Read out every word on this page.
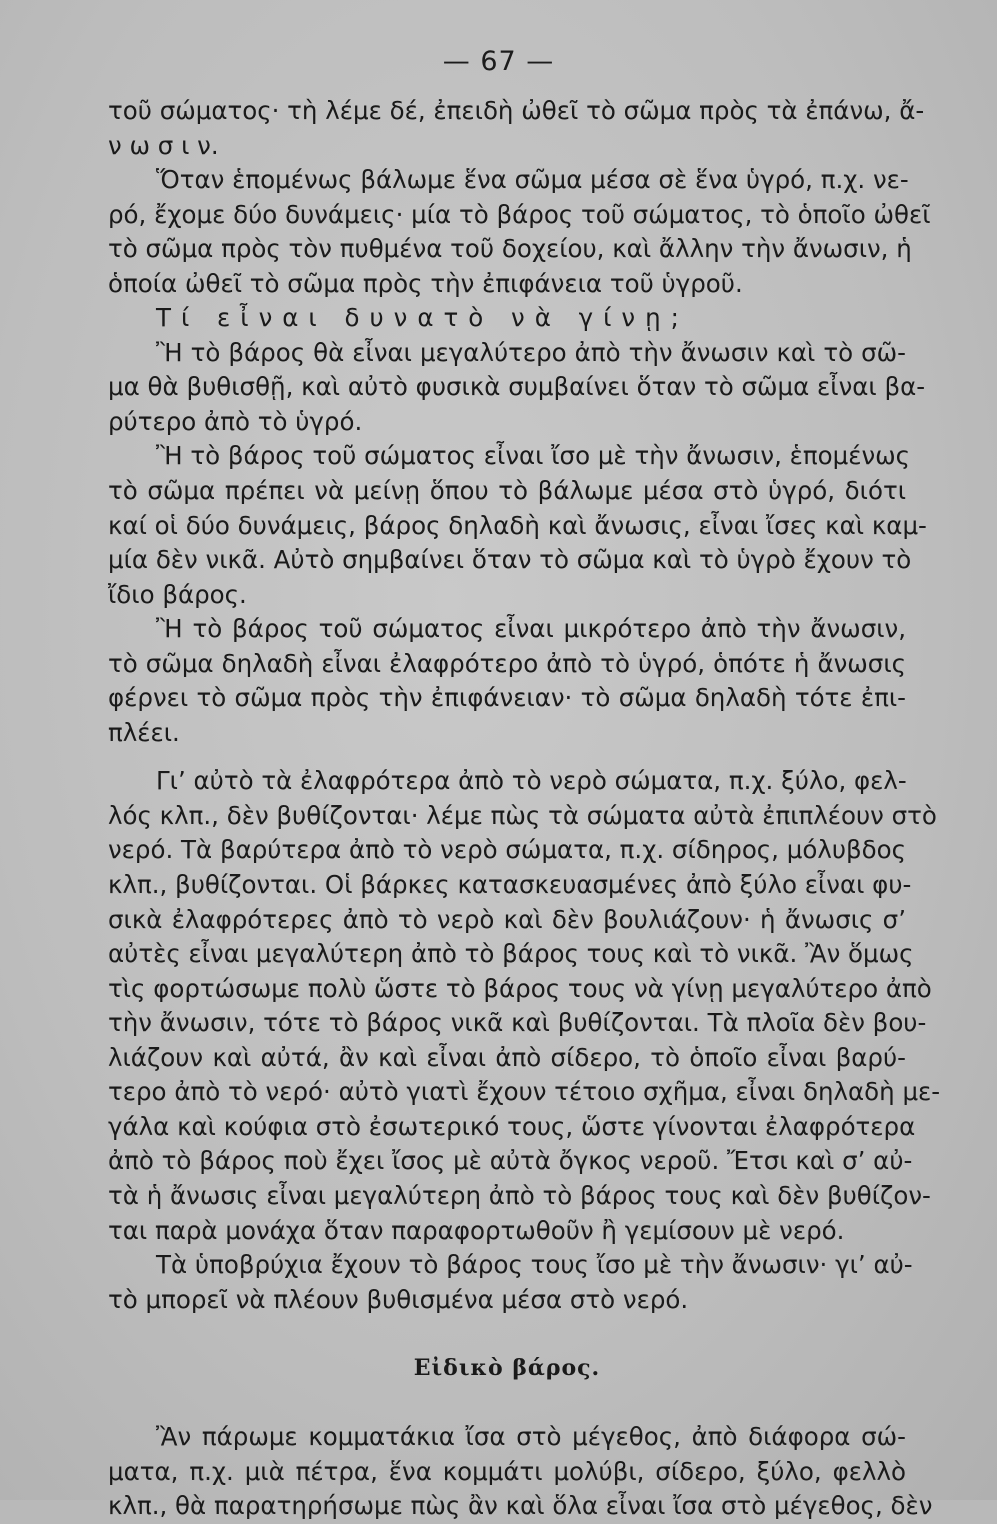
— 67 —
τοῦ σώματος· τὴ λέμε δέ, ἐπειδὴ ὠθεῖ τὸ σῶμα πρὸς τὰ ἐπάνω, ἄ-
ν ω σ ι ν.
Ὅταν ἑπομένως βάλωμε ἕνα σῶμα μέσα σὲ ἕνα ὑγρό, π.χ. νε-
ρό, ἔχομε δύο δυνάμεις· μία τὸ βάρος τοῦ σώματος, τὸ ὁποῖο ὠθεῖ
τὸ σῶμα πρὸς τὸν πυθμένα τοῦ δοχείου, καὶ ἄλλην τὴν ἄνωσιν, ἡ
ὁποία ὠθεῖ τὸ σῶμα πρὸς τὴν ἐπιφάνεια τοῦ ὑγροῦ.
Τί εἶναι δυνατὸ νὰ γίνῃ;
Ἢ τὸ βάρος θὰ εἶναι μεγαλύτερο ἀπὸ τὴν ἄνωσιν καὶ τὸ σῶ-
μα θὰ βυθισθῇ, καὶ αὐτὸ φυσικὰ συμβαίνει ὅταν τὸ σῶμα εἶναι βα-
ρύτερο ἀπὸ τὸ ὑγρό.
Ἢ τὸ βάρος τοῦ σώματος εἶναι ἴσο μὲ τὴν ἄνωσιν, ἑπομένως
τὸ σῶμα πρέπει νὰ μείνῃ ὅπου τὸ βάλωμε μέσα στὸ ὑγρό, διότι
καί οἱ δύο δυνάμεις, βάρος δηλαδὴ καὶ ἄνωσις, εἶναι ἴσες καὶ καμ-
μία δὲν νικᾶ. Αὐτὸ σημβαίνει ὅταν τὸ σῶμα καὶ τὸ ὑγρὸ ἔχουν τὸ
ἴδιο βάρος.
Ἢ τὸ βάρος τοῦ σώματος εἶναι μικρότερο ἀπὸ τὴν ἄνωσιν,
τὸ σῶμα δηλαδὴ εἶναι ἐλαφρότερο ἀπὸ τὸ ὑγρό, ὁπότε ἡ ἄνωσις
φέρνει τὸ σῶμα πρὸς τὴν ἐπιφάνειαν· τὸ σῶμα δηλαδὴ τότε ἐπι-
πλέει.
Γι’ αὐτὸ τὰ ἐλαφρότερα ἀπὸ τὸ νερὸ σώματα, π.χ. ξύλο, φελ-
λός κλπ., δὲν βυθίζονται· λέμε πὼς τὰ σώματα αὐτὰ ἐπιπλέουν στὸ
νερό. Τὰ βαρύτερα ἀπὸ τὸ νερὸ σώματα, π.χ. σίδηρος, μόλυβδος
κλπ., βυθίζονται. Οἱ βάρκες κατασκευασμένες ἀπὸ ξύλο εἶναι φυ-
σικὰ ἐλαφρότερες ἀπὸ τὸ νερὸ καὶ δὲν βουλιάζουν· ἡ ἄνωσις σ’
αὐτὲς εἶναι μεγαλύτερη ἀπὸ τὸ βάρος τους καὶ τὸ νικᾶ. Ἂν ὅμως
τὶς φορτώσωμε πολὺ ὥστε τὸ βάρος τους νὰ γίνῃ μεγαλύτερο ἀπὸ
τὴν ἄνωσιν, τότε τὸ βάρος νικᾶ καὶ βυθίζονται. Τὰ πλοῖα δὲν βου-
λιάζουν καὶ αὐτά, ἂν καὶ εἶναι ἀπὸ σίδερο, τὸ ὁποῖο εἶναι βαρύ-
τερο ἀπὸ τὸ νερό· αὐτὸ γιατὶ ἔχουν τέτοιο σχῆμα, εἶναι δηλαδὴ με-
γάλα καὶ κούφια στὸ ἐσωτερικό τους, ὥστε γίνονται ἐλαφρότερα
ἀπὸ τὸ βάρος ποὺ ἔχει ἴσος μὲ αὐτὰ ὄγκος νεροῦ. Ἔτσι καὶ σ’ αὐ-
τὰ ἡ ἄνωσις εἶναι μεγαλύτερη ἀπὸ τὸ βάρος τους καὶ δὲν βυθίζον-
ται παρὰ μονάχα ὅταν παραφορτωθοῦν ἢ γεμίσουν μὲ νερό.
Τὰ ὑποβρύχια ἔχουν τὸ βάρος τους ἴσο μὲ τὴν ἄνωσιν· γι’ αὐ-
τὸ μπορεῖ νὰ πλέουν βυθισμένα μέσα στὸ νερό.
Εἰδικὸ βάρος.
Ἂν πάρωμε κομματάκια ἴσα στὸ μέγεθος, ἀπὸ διάφορα σώ-
ματα, π.χ. μιὰ πέτρα, ἕνα κομμάτι μολύβι, σίδερο, ξύλο, φελλὸ
κλπ., θὰ παρατηρήσωμε πὼς ἂν καὶ ὅλα εἶναι ἴσα στὸ μέγεθος, δὲν
